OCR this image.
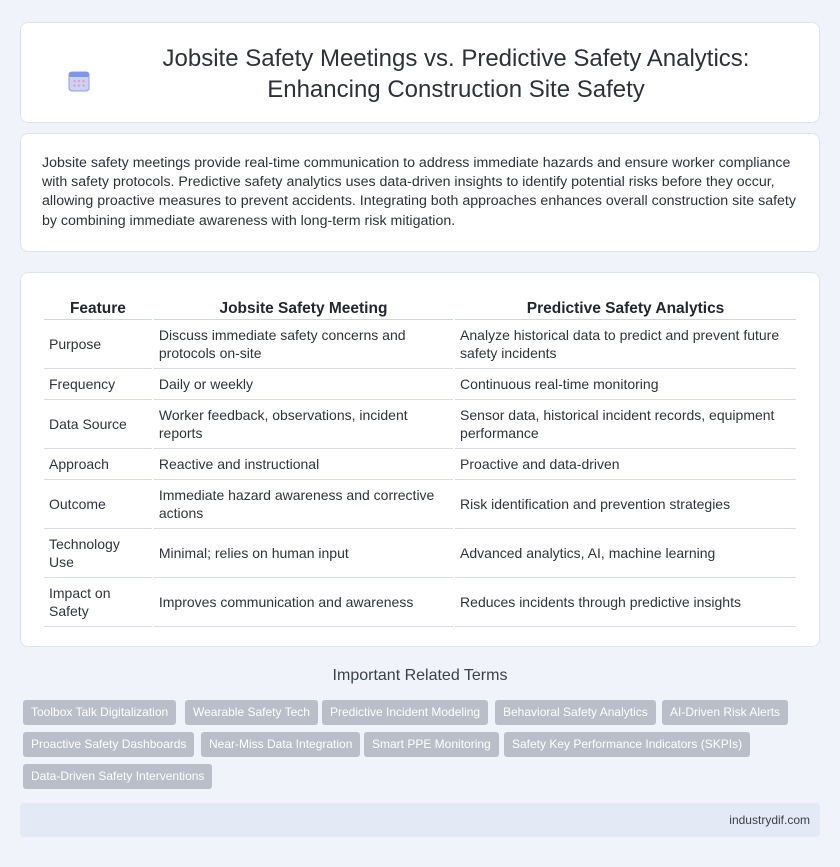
Jobsite Safety Meetings vs. Predictive Safety Analytics: Enhancing Construction Site Safety

Jobsite safety meetings provide real-time communication to address immediate hazards and ensure worker compliance with safety protocols. Predictive safety analytics uses data-driven insights to identify potential risks before they occur, allowing proactive measures to prevent accidents. Integrating both approaches enhances overall construction site safety by combining immediate awareness with long-term risk mitigation.

Feature	Jobsite Safety Meeting	Predictive Safety Analytics
Purpose	Discuss immediate safety concerns and protocols on-site	Analyze historical data to predict and prevent future safety incidents
Frequency	Daily or weekly	Continuous real-time monitoring
Data Source	Worker feedback, observations, incident reports	Sensor data, historical incident records, equipment performance
Approach	Reactive and instructional	Proactive and data-driven
Outcome	Immediate hazard awareness and corrective actions	Risk identification and prevention strategies
Technology Use	Minimal; relies on human input	Advanced analytics, AI, machine learning
Impact on Safety	Improves communication and awareness	Reduces incidents through predictive insights
Important Related Terms
Toolbox Talk Digitalization	Wearable Safety Tech	Predictive Incident Modeling	Behavioral Safety Analytics	AI-Driven Risk Alerts
Proactive Safety Dashboards	Near-Miss Data Integration	Smart PPE Monitoring	Safety Key Performance Indicators (SKPIs)
Data-Driven Safety Interventions
industrydif.com
